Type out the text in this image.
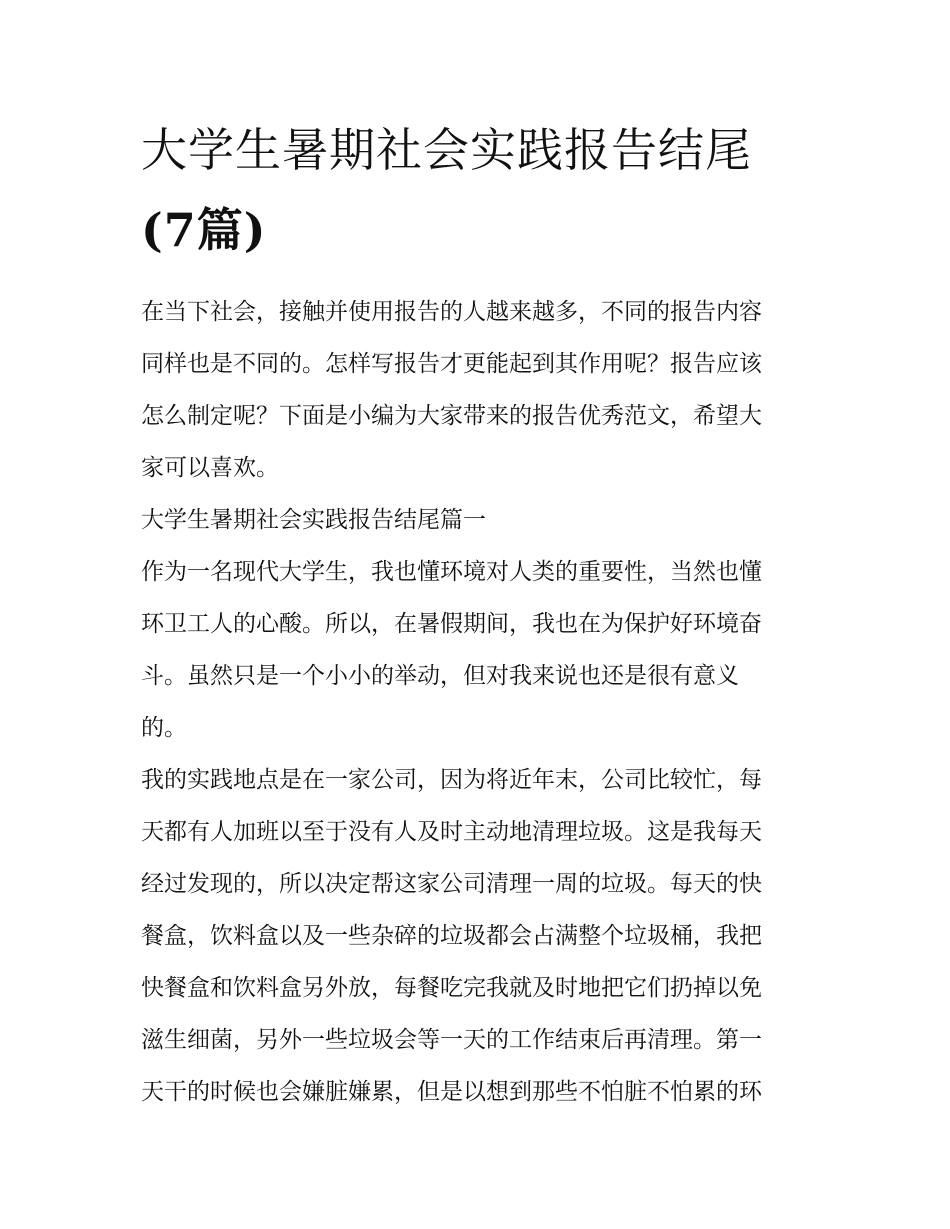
大学生暑期社会实践报告结尾
(7篇)

在当下社会，接触并使用报告的人越来越多，不同的报告内容
同样也是不同的。怎样写报告才更能起到其作用呢？报告应该
怎么制定呢？下面是小编为大家带来的报告优秀范文，希望大
家可以喜欢。

大学生暑期社会实践报告结尾篇一

作为一名现代大学生，我也懂环境对人类的重要性，当然也懂
环卫工人的心酸。所以，在暑假期间，我也在为保护好环境奋
斗。虽然只是一个小小的举动，但对我来说也还是很有意义
的。

我的实践地点是在一家公司，因为将近年末，公司比较忙，每
天都有人加班以至于没有人及时主动地清理垃圾。这是我每天
经过发现的，所以决定帮这家公司清理一周的垃圾。每天的快
餐盒，饮料盒以及一些杂碎的垃圾都会占满整个垃圾桶，我把
快餐盒和饮料盒另外放，每餐吃完我就及时地把它们扔掉以免
滋生细菌，另外一些垃圾会等一天的工作结束后再清理。第一
天干的时候也会嫌脏嫌累，但是以想到那些不怕脏不怕累的环
